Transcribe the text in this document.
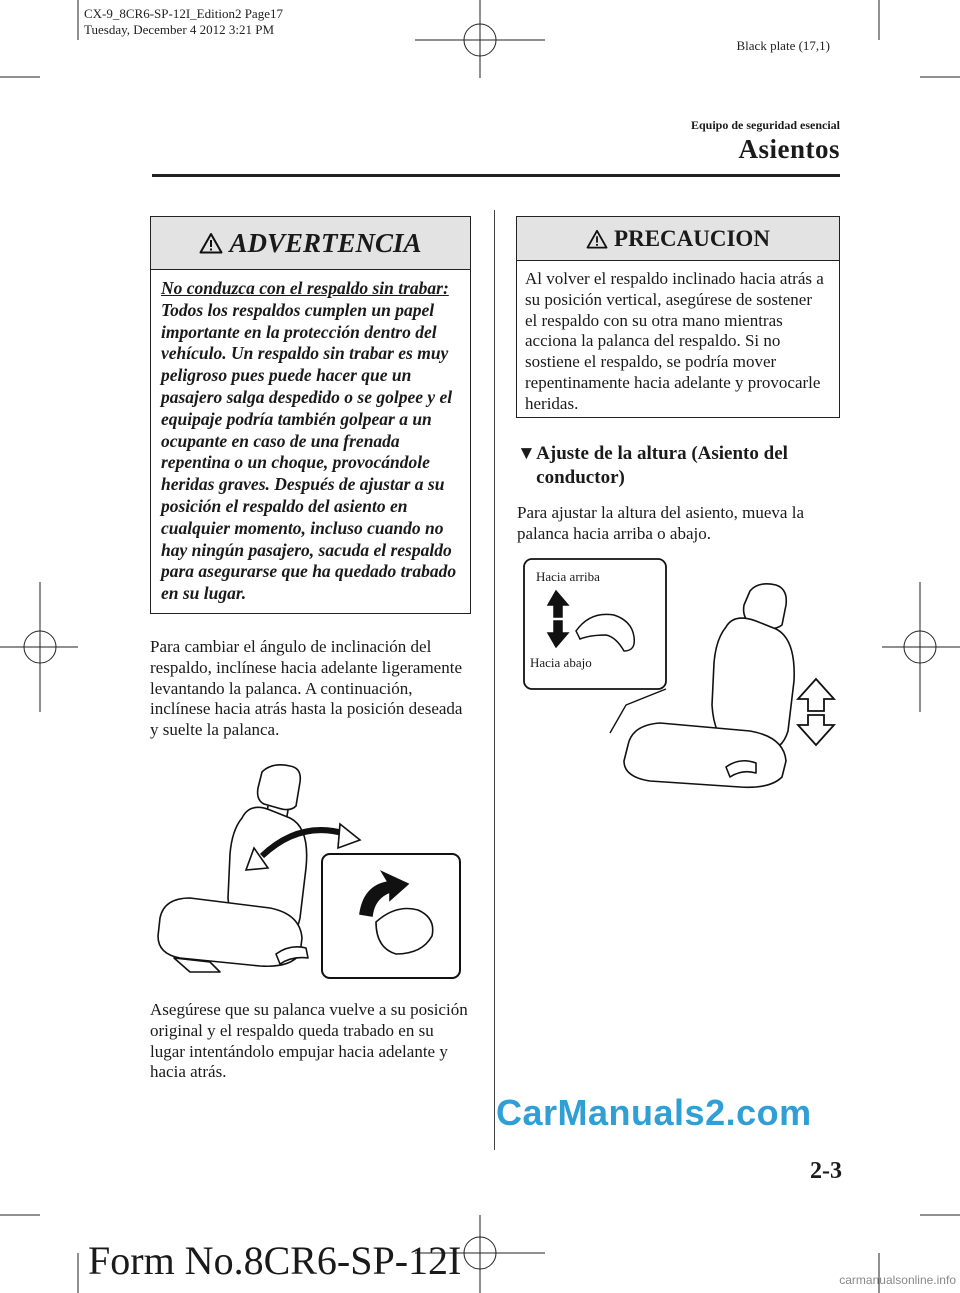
CX-9_8CR6-SP-12I_Edition2 Page17
Tuesday, December 4 2012 3:21 PM
Black plate (17,1)
Equipo de seguridad esencial
Asientos
ADVERTENCIA
No conduzca con el respaldo sin trabar:
Todos los respaldos cumplen un papel importante en la protección dentro del vehículo. Un respaldo sin trabar es muy peligroso pues puede hacer que un pasajero salga despedido o se golpee y el equipaje podría también golpear a un ocupante en caso de una frenada repentina o un choque, provocándole heridas graves. Después de ajustar a su posición el respaldo del asiento en cualquier momento, incluso cuando no hay ningún pasajero, sacuda el respaldo para asegurarse que ha quedado trabado en su lugar.
Para cambiar el ángulo de inclinación del respaldo, inclínese hacia adelante ligeramente levantando la palanca. A continuación, inclínese hacia atrás hasta la posición deseada y suelte la palanca.
Asegúrese que su palanca vuelve a su posición original y el respaldo queda trabado en su lugar intentándolo empujar hacia adelante y hacia atrás.
PRECAUCION
Al volver el respaldo inclinado hacia atrás a su posición vertical, asegúrese de sostener el respaldo con su otra mano mientras acciona la palanca del respaldo. Si no sostiene el respaldo, se podría mover repentinamente hacia adelante y provocarle heridas.
▼ Ajuste de la altura (Asiento del conductor)
Para ajustar la altura del asiento, mueva la palanca hacia arriba o abajo.
Hacia arriba
Hacia abajo
CarManuals2.com
2-3
Form No.8CR6-SP-12I	carmanualsonline.info
